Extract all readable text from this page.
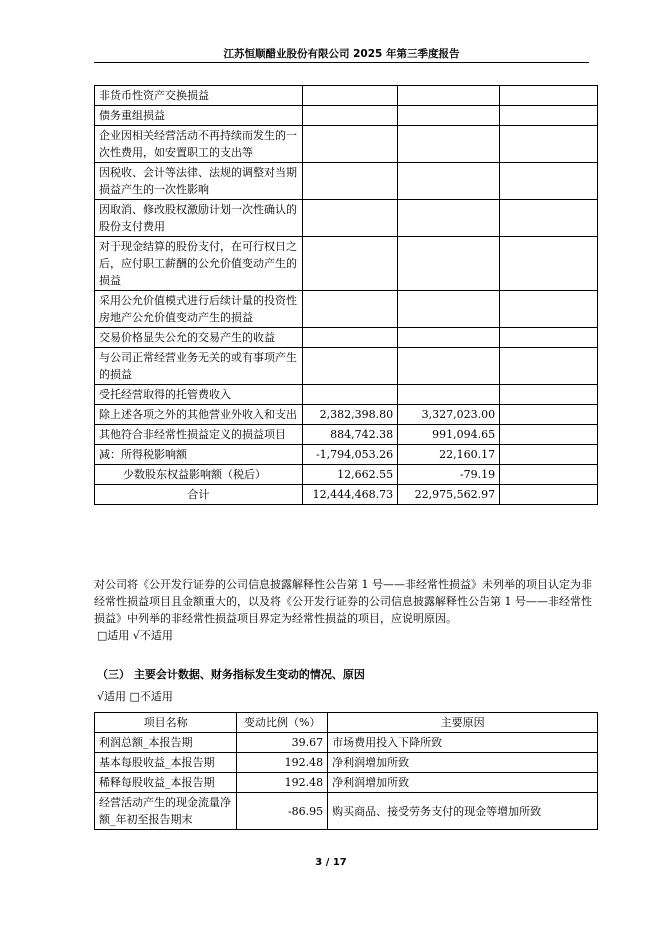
江苏恒顺醋业股份有限公司 2025 年第三季度报告
非货币性资产交换损益			
债务重组损益			
企业因相关经营活动不再持续而发生的一次性费用，如安置职工的支出等			
因税收、会计等法律、法规的调整对当期损益产生的一次性影响			
因取消、修改股权激励计划一次性确认的股份支付费用			
对于现金结算的股份支付，在可行权日之后，应付职工薪酬的公允价值变动产生的损益			
采用公允价值模式进行后续计量的投资性房地产公允价值变动产生的损益			
交易价格显失公允的交易产生的收益			
与公司正常经营业务无关的或有事项产生的损益			
受托经营取得的托管费收入			
除上述各项之外的其他营业外收入和支出	2,382,398.80	3,327,023.00	
其他符合非经常性损益定义的损益项目	884,742.38	991,094.65	
减：所得税影响额	-1,794,053.26	22,160.17	
少数股东权益影响额（税后）	12,662.55	-79.19	
合计	12,444,468.73	22,975,562.97	
对公司将《公开发行证券的公司信息披露解释性公告第 1 号——非经常性损益》未列举的项目认定为非经常性损益项目且金额重大的，以及将《公开发行证券的公司信息披露解释性公告第 1 号——非经常性损益》中列举的非经常性损益项目界定为经常性损益的项目，应说明原因。
□适用 √不适用
（三） 主要会计数据、财务指标发生变动的情况、原因
√适用 □不适用
项目名称	变动比例（%）	主要原因
利润总额_本报告期	39.67	市场费用投入下降所致
基本每股收益_本报告期	192.48	净利润增加所致
稀释每股收益_本报告期	192.48	净利润增加所致
经营活动产生的现金流量净额_年初至报告期末	-86.95	购买商品、接受劳务支付的现金等增加所致
3 / 17
